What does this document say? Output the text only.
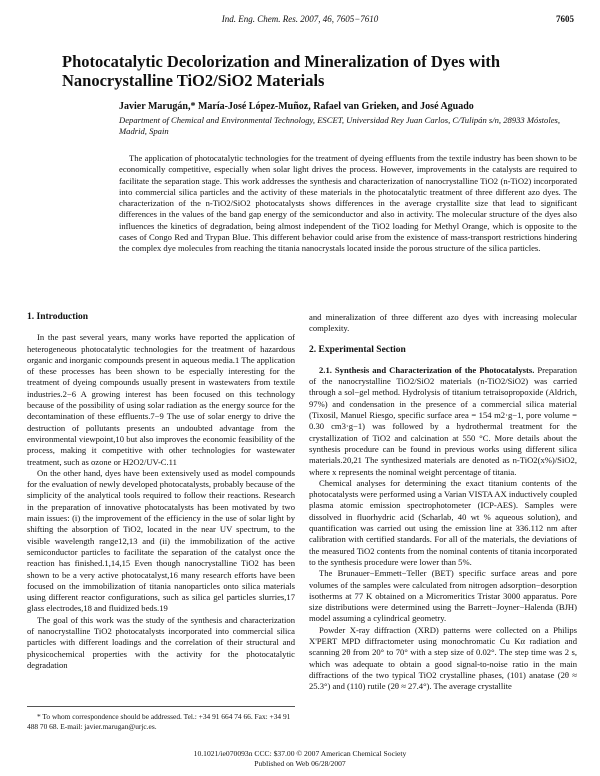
Ind. Eng. Chem. Res. 2007, 46, 7605−7610	7605
Photocatalytic Decolorization and Mineralization of Dyes with Nanocrystalline TiO2/SiO2 Materials
Javier Marugán,* María-José López-Muñoz, Rafael van Grieken, and José Aguado
Department of Chemical and Environmental Technology, ESCET, Universidad Rey Juan Carlos, C/Tulipán s/n, 28933 Móstoles, Madrid, Spain
The application of photocatalytic technologies for the treatment of dyeing effluents from the textile industry has been shown to be economically competitive, especially when solar light drives the process. However, improvements in the catalysts are required to facilitate the separation stage. This work addresses the synthesis and characterization of nanocrystalline TiO2 (n-TiO2) incorporated into commercial silica particles and the activity of these materials in the photocatalytic treatment of three different azo dyes. The characterization of the n-TiO2/SiO2 photocatalysts shows differences in the average crystallite size that lead to significant differences in the values of the band gap energy of the semiconductor and also in activity. The molecular structure of the dyes also influences the kinetics of degradation, being almost independent of the TiO2 loading for Methyl Orange, which is opposite to the cases of Congo Red and Trypan Blue. This different behavior could arise from the existence of mass-transport restrictions hindering the complex dye molecules from reaching the titania nanocrystals located inside the porous structure of the silica particles.
1. Introduction

In the past several years, many works have reported the application of heterogeneous photocatalytic technologies for the treatment of hazardous organic and inorganic compounds present in aqueous media.1 The application of these processes has been shown to be especially interesting for the treatment of dyeing compounds usually present in wastewaters from textile industries.2−6 A growing interest has been focused on this technology because of the possibility of using solar radiation as the energy source for the decontamination of these effluents.7−9 The use of solar energy to drive the destruction of pollutants presents an undoubted advantage from the environmental viewpoint,10 but also improves the economic feasibility of the process, making it competitive with other technologies for wastewater treatment, such as ozone or H2O2/UV-C.11

On the other hand, dyes have been extensively used as model compounds for the evaluation of newly developed photocatalysts, probably because of the simplicity of the analytical tools required to follow their reactions. Research in the preparation of innovative photocatalysts has been motivated by two main issues: (i) the improvement of the efficiency in the use of solar light by shifting the absorption of TiO2, located in the near UV spectrum, to the visible wavelength range12,13 and (ii) the immobilization of the active semiconductor particles to facilitate the separation of the catalyst once the reaction has finished.1,14,15 Even though nanocrystalline TiO2 has been shown to be a very active photocatalyst,16 many research efforts have been focused on the immobilization of titania nanoparticles onto silica materials using different reactor configurations, such as silica gel particles slurries,17 glass electrodes,18 and fluidized beds.19

The goal of this work was the study of the synthesis and characterization of nanocrystalline TiO2 photocatalysts incorporated into commercial silica particles with different loadings and the correlation of their structural and physicochemical properties with the activity for the photocatalytic degradation

* To whom correspondence should be addressed. Tel.: +34 91 664 74 66. Fax: +34 91 488 70 68. E-mail: javier.marugan@urjc.es.

and mineralization of three different azo dyes with increasing molecular complexity.

2. Experimental Section

2.1. Synthesis and Characterization of the Photocatalysts. Preparation of the nanocrystalline TiO2/SiO2 materials (n-TiO2/SiO2) was carried through a sol−gel method. Hydrolysis of titanium tetraisopropoxide (Aldrich, 97%) and condensation in the presence of a commercial silica material (Tixosil, Manuel Riesgo, specific surface area = 154 m2·g−1, pore volume = 0.30 cm3·g−1) was followed by a hydrothermal treatment for the crystallization of TiO2 and calcination at 550 °C. More details about the synthesis procedure can be found in previous works using different silica materials.20,21 The synthesized materials are denoted as n-TiO2(x%)/SiO2, where x represents the nominal weight percentage of titania.

Chemical analyses for determining the exact titanium contents of the photocatalysts were performed using a Varian VISTA AX inductively coupled plasma atomic emission spectrophotometer (ICP-AES). Samples were dissolved in fluorhydric acid (Scharlab, 40 wt % aqueous solution), and quantification was carried out using the emission line at 336.112 nm after calibration with certified standards. For all of the materials, the deviations of the measured TiO2 contents from the nominal contents of titania incorporated to the synthesis procedure were lower than 5%.

The Brunauer−Emmett−Teller (BET) specific surface areas and pore volumes of the samples were calculated from nitrogen adsorption−desorption isotherms at 77 K obtained on a Micromeritics Tristar 3000 apparatus. Pore size distributions were determined using the Barrett−Joyner−Halenda (BJH) model assuming a cylindrical geometry.

Powder X-ray diffraction (XRD) patterns were collected on a Philips X'PERT MPD diffractometer using monochromatic Cu Kα radiation and scanning 2θ from 20° to 70° with a step size of 0.02°. The step time was 2 s, which was adequate to obtain a good signal-to-noise ratio in the main diffractions of the two typical TiO2 crystalline phases, (101) anatase (2θ ≈ 25.3°) and (110) rutile (2θ ≈ 27.4°). The average crystallite

10.1021/ie070093n CCC: $37.00 © 2007 American Chemical Society
Published on Web 06/28/2007
